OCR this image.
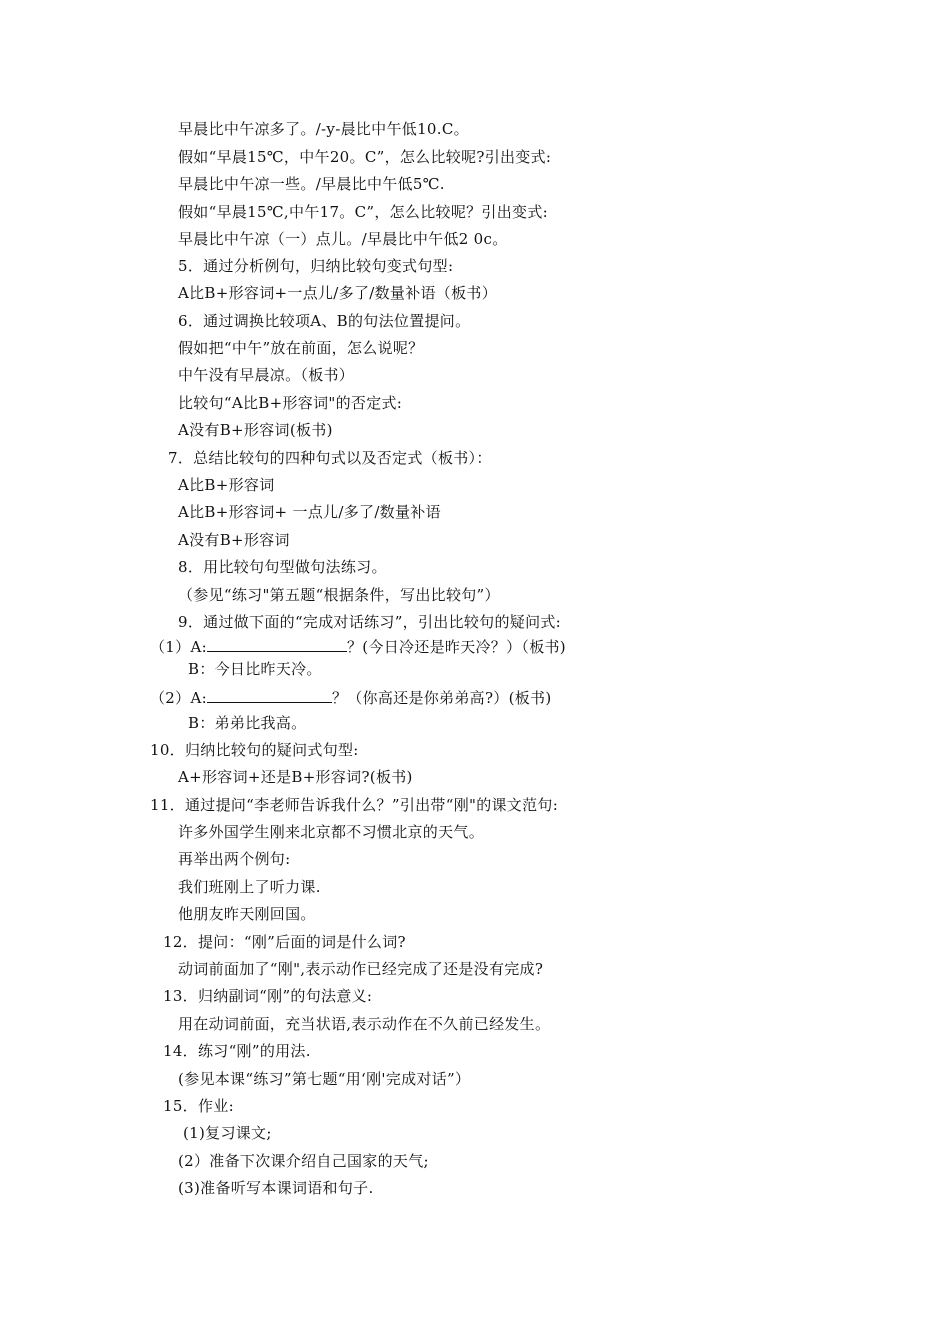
早晨比中午凉多了。/-y-晨比中午低10.C。
假如“早晨15℃，中午20。C”，怎么比较呢?引出变式:
早晨比中午凉一些。/早晨比中午低5℃.
假如“早晨15℃,中午17。C”，怎么比较呢？引出变式:
早晨比中午凉（一）点儿。/早晨比中午低2 0c。
5．通过分析例句，归纳比较句变式句型:
A比B+形容词+一点儿/多了/数量补语（板书）
6．通过调换比较项A、B的句法位置提问。
假如把“中午”放在前面，怎么说呢？
中午没有早晨凉。（板书）
比较句“A比B+形容词"的否定式:
A没有B+形容词(板书)
7．总结比较句的四种句式以及否定式（板书）：
A比B+形容词
A比B+形容词+ 一点儿/多了/数量补语
A没有B+形容词
8．用比较句句型做句法练习。
（参见“练习"第五题“根据条件，写出比较句”）
9．通过做下面的“完成对话练习”，引出比较句的疑问式:
（1）A:	？(今日冷还是昨天冷？）（板书)
B：今日比昨天冷。
（2）A:	？（你高还是你弟弟高?）(板书)
B：弟弟比我高。
10．归纳比较句的疑问式句型:
A+形容词+还是B+形容词?(板书)
11．通过提问“李老师告诉我什么？”引出带“刚"的课文范句:
许多外国学生刚来北京都不习惯北京的天气。
再举出两个例句:
我们班刚上了听力课.
他朋友昨天刚回国。
12．提问：“刚”后面的词是什么词?
动词前面加了“刚",表示动作已经完成了还是没有完成?
13．归纳副词“刚”的句法意义:
用在动词前面，充当状语,表示动作在不久前已经发生。
14．练习“刚”的用法.
(参见本课“练习”第七题“用‘刚'完成对话”）
15．作业:
(1)复习课文;
(2）准备下次课介绍自己国家的天气;
(3)准备听写本课词语和句子.
